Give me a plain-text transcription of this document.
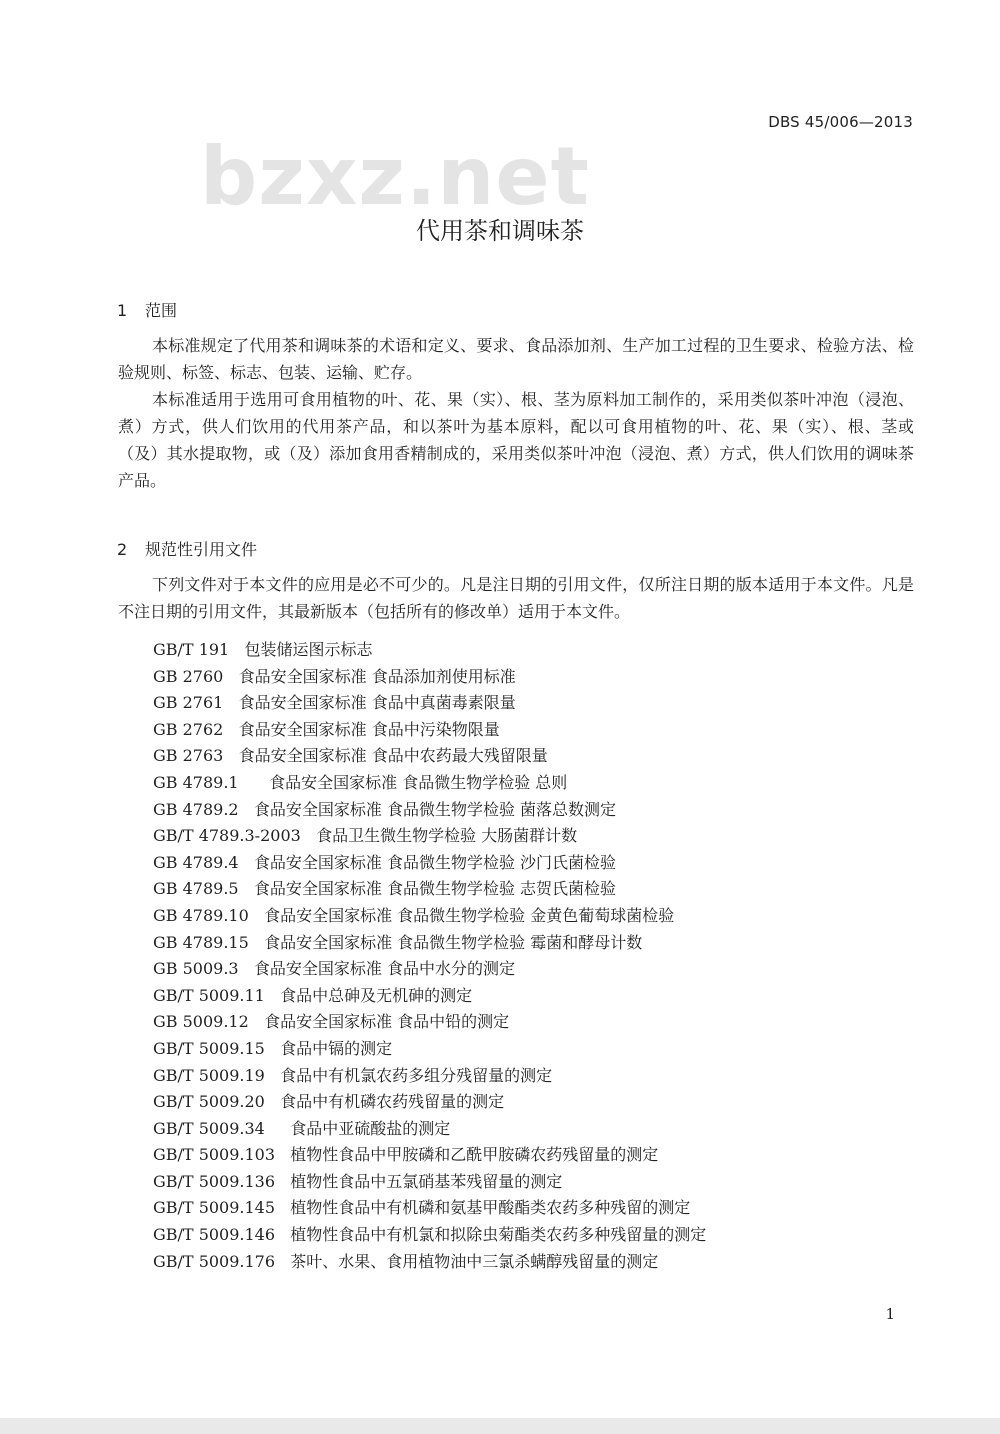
DBS 45/006—2013
bzxz.net
代用茶和调味茶
1 范围

本标准规定了代用茶和调味茶的术语和定义、要求、食品添加剂、生产加工过程的卫生要求、检验方法、检验规则、标签、标志、包装、运输、贮存。

本标准适用于选用可食用植物的叶、花、果（实）、根、茎为原料加工制作的，采用类似茶叶冲泡（浸泡、煮）方式，供人们饮用的代用茶产品，和以茶叶为基本原料，配以可食用植物的叶、花、果（实）、根、茎或（及）其水提取物，或（及）添加食用香精制成的，采用类似茶叶冲泡（浸泡、煮）方式，供人们饮用的调味茶产品。

2 规范性引用文件

下列文件对于本文件的应用是必不可少的。凡是注日期的引用文件，仅所注日期的版本适用于本文件。凡是不注日期的引用文件，其最新版本（包括所有的修改单）适用于本文件。

GB/T 191 包装储运图示标志
GB 2760 食品安全国家标准 食品添加剂使用标准
GB 2761 食品安全国家标准 食品中真菌毒素限量
GB 2762 食品安全国家标准 食品中污染物限量
GB 2763 食品安全国家标准 食品中农药最大残留限量
GB 4789.1 食品安全国家标准 食品微生物学检验 总则
GB 4789.2 食品安全国家标准 食品微生物学检验 菌落总数测定
GB/T 4789.3-2003 食品卫生微生物学检验 大肠菌群计数
GB 4789.4 食品安全国家标准 食品微生物学检验 沙门氏菌检验
GB 4789.5 食品安全国家标准 食品微生物学检验 志贺氏菌检验
GB 4789.10 食品安全国家标准 食品微生物学检验 金黄色葡萄球菌检验
GB 4789.15 食品安全国家标准 食品微生物学检验 霉菌和酵母计数
GB 5009.3 食品安全国家标准 食品中水分的测定
GB/T 5009.11 食品中总砷及无机砷的测定
GB 5009.12 食品安全国家标准 食品中铅的测定
GB/T 5009.15 食品中镉的测定
GB/T 5009.19 食品中有机氯农药多组分残留量的测定
GB/T 5009.20 食品中有机磷农药残留量的测定
GB/T 5009.34 食品中亚硫酸盐的测定
GB/T 5009.103 植物性食品中甲胺磷和乙酰甲胺磷农药残留量的测定
GB/T 5009.136 植物性食品中五氯硝基苯残留量的测定
GB/T 5009.145 植物性食品中有机磷和氨基甲酸酯类农药多种残留的测定
GB/T 5009.146 植物性食品中有机氯和拟除虫菊酯类农药多种残留量的测定
GB/T 5009.176 茶叶、水果、食用植物油中三氯杀螨醇残留量的测定
1
